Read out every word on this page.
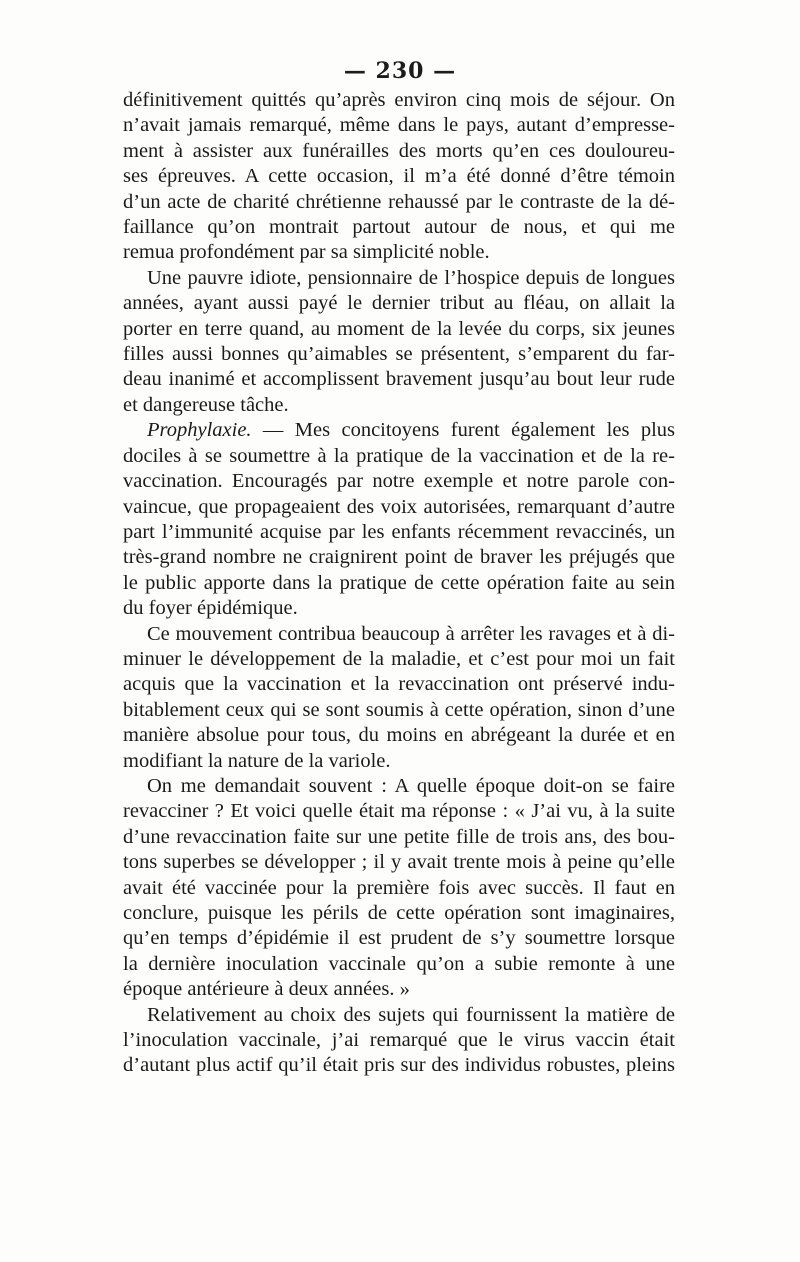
— 230 —

définitivement quittés qu’après environ cinq mois de séjour. On
n’avait jamais remarqué, même dans le pays, autant d’empresse-
ment à assister aux funérailles des morts qu’en ces douloureu-
ses épreuves. A cette occasion, il m’a été donné d’être témoin
d’un acte de charité chrétienne rehaussé par le contraste de la dé-
faillance qu’on montrait partout autour de nous, et qui me
remua profondément par sa simplicité noble.

Une pauvre idiote, pensionnaire de l’hospice depuis de longues
années, ayant aussi payé le dernier tribut au fléau, on allait la
porter en terre quand, au moment de la levée du corps, six jeunes
filles aussi bonnes qu’aimables se présentent, s’emparent du far-
deau inanimé et accomplissent bravement jusqu’au bout leur rude
et dangereuse tâche.

Prophylaxie. — Mes concitoyens furent également les plus
dociles à se soumettre à la pratique de la vaccination et de la re-
vaccination. Encouragés par notre exemple et notre parole con-
vaincue, que propageaient des voix autorisées, remarquant d’autre
part l’immunité acquise par les enfants récemment revaccinés, un
très-grand nombre ne craignirent point de braver les préjugés que
le public apporte dans la pratique de cette opération faite au sein
du foyer épidémique.

Ce mouvement contribua beaucoup à arrêter les ravages et à di-
minuer le développement de la maladie, et c’est pour moi un fait
acquis que la vaccination et la revaccination ont préservé indu-
bitablement ceux qui se sont soumis à cette opération, sinon d’une
manière absolue pour tous, du moins en abrégeant la durée et en
modifiant la nature de la variole.

On me demandait souvent : A quelle époque doit-on se faire
revacciner ? Et voici quelle était ma réponse : « J’ai vu, à la suite
d’une revaccination faite sur une petite fille de trois ans, des bou-
tons superbes se développer ; il y avait trente mois à peine qu’elle
avait été vaccinée pour la première fois avec succès. Il faut en
conclure, puisque les périls de cette opération sont imaginaires,
qu’en temps d’épidémie il est prudent de s’y soumettre lorsque
la dernière inoculation vaccinale qu’on a subie remonte à une
époque antérieure à deux années. »

Relativement au choix des sujets qui fournissent la matière de
l’inoculation vaccinale, j’ai remarqué que le virus vaccin était
d’autant plus actif qu’il était pris sur des individus robustes, pleins
